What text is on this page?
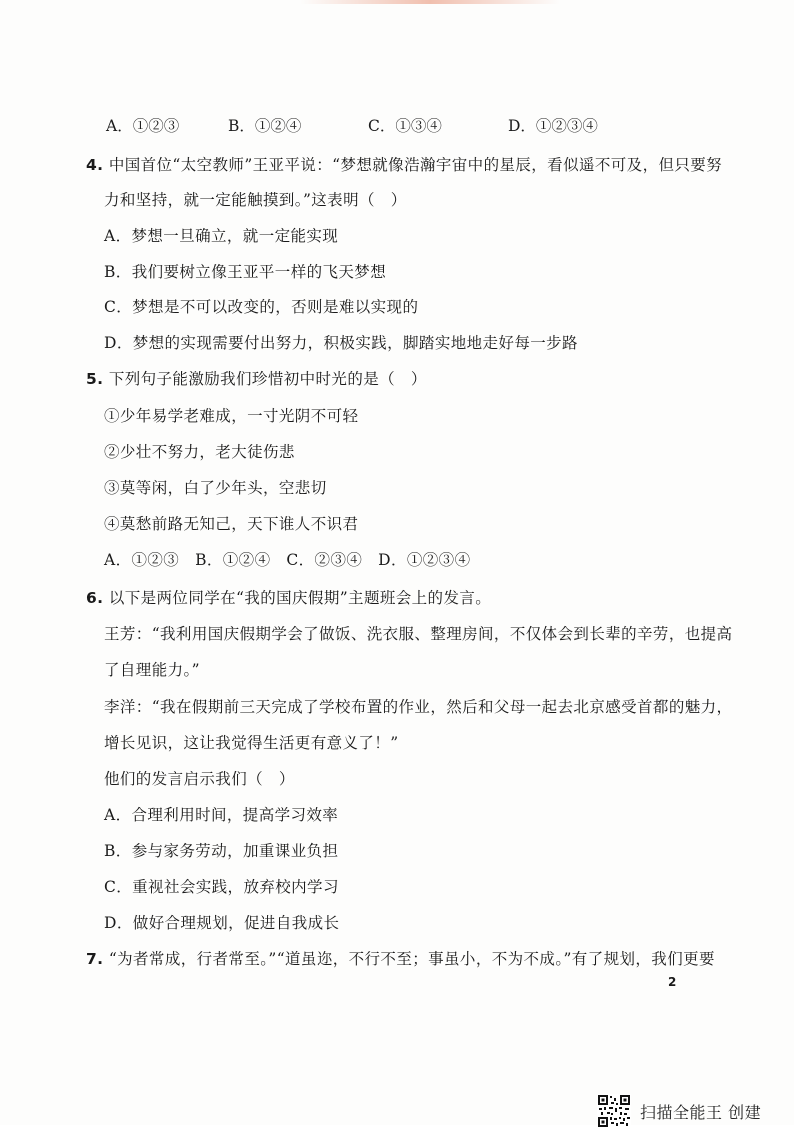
A．①②③	B．①②④	C．①③④	D．①②③④
4. 中国首位“太空教师”王亚平说：“梦想就像浩瀚宇宙中的星辰，看似遥不可及，但只要努
力和坚持，就一定能触摸到。”这表明（　）
A．梦想一旦确立，就一定能实现
B．我们要树立像王亚平一样的飞天梦想
C．梦想是不可以改变的，否则是难以实现的
D．梦想的实现需要付出努力，积极实践，脚踏实地地走好每一步路
5. 下列句子能激励我们珍惜初中时光的是（　）
①少年易学老难成，一寸光阴不可轻
②少壮不努力，老大徒伤悲
③莫等闲，白了少年头，空悲切
④莫愁前路无知己，天下谁人不识君
A．①②③　B．①②④　C．②③④　D．①②③④
6. 以下是两位同学在“我的国庆假期”主题班会上的发言。
王芳：“我利用国庆假期学会了做饭、洗衣服、整理房间，不仅体会到长辈的辛劳，也提高
了自理能力。”
李洋：“我在假期前三天完成了学校布置的作业，然后和父母一起去北京感受首都的魅力，
增长见识，这让我觉得生活更有意义了！”
他们的发言启示我们（　）
A．合理利用时间，提高学习效率
B．参与家务劳动，加重课业负担
C．重视社会实践，放弃校内学习
D．做好合理规划，促进自我成长
7. “为者常成，行者常至。”“道虽迩，不行不至；事虽小，不为不成。”有了规划，我们更要
2
扫描全能王 创建
